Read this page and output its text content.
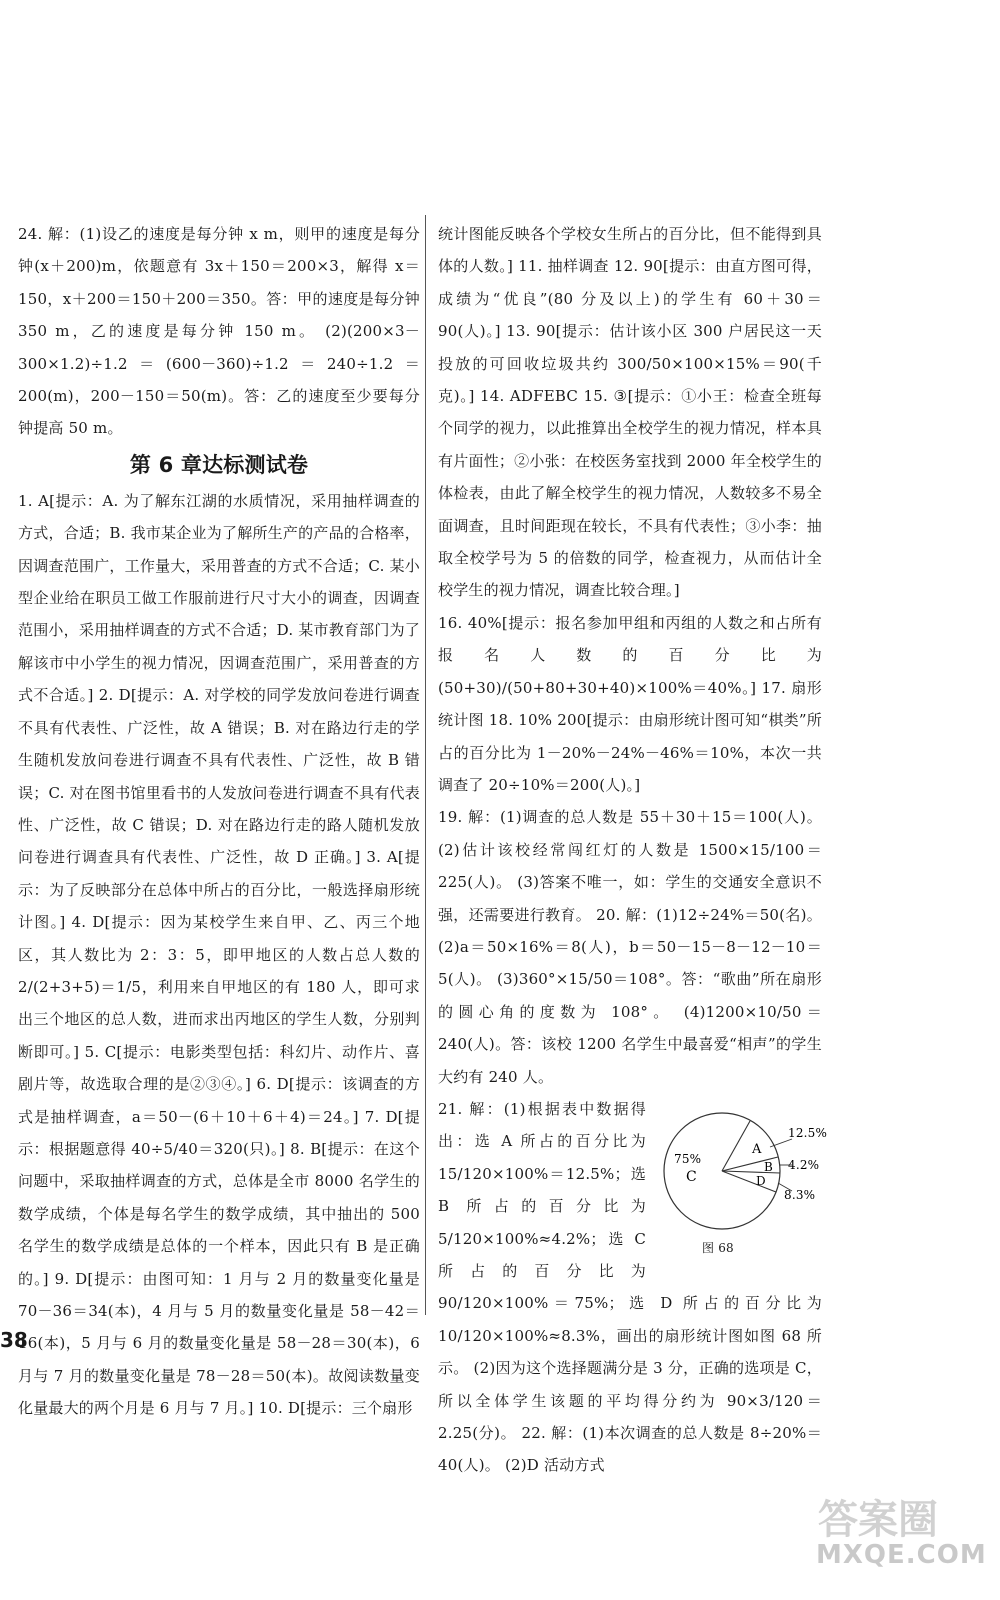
24. 解：(1)设乙的速度是每分钟 x m，则甲的速度是每分钟(x＋200)m，依题意有 3x＋150＝200×3，解得 x＝150，x＋200＝150＋200＝350。答：甲的速度是每分钟 350 m，乙的速度是每分钟 150 m。 (2)(200×3－300×1.2)÷1.2＝(600－360)÷1.2＝240÷1.2＝200(m)，200－150＝50(m)。答：乙的速度至少要每分钟提高 50 m。

第 6 章达标测试卷

1. A[提示：A. 为了解东江湖的水质情况，采用抽样调查的方式，合适；B. 我市某企业为了解所生产的产品的合格率，因调查范围广，工作量大，采用普查的方式不合适；C. 某小型企业给在职员工做工作服前进行尺寸大小的调查，因调查范围小，采用抽样调查的方式不合适；D. 某市教育部门为了解该市中小学生的视力情况，因调查范围广，采用普查的方式不合适。] 2. D[提示：A. 对学校的同学发放问卷进行调查不具有代表性、广泛性，故 A 错误；B. 对在路边行走的学生随机发放问卷进行调查不具有代表性、广泛性，故 B 错误；C. 对在图书馆里看书的人发放问卷进行调查不具有代表性、广泛性，故 C 错误；D. 对在路边行走的路人随机发放问卷进行调查具有代表性、广泛性，故 D 正确。] 3. A[提示：为了反映部分在总体中所占的百分比，一般选择扇形统计图。] 4. D[提示：因为某校学生来自甲、乙、丙三个地区，其人数比为 2：3：5，即甲地区的人数占总人数的 2/(2+3+5)＝1/5，利用来自甲地区的有 180 人，即可求出三个地区的总人数，进而求出丙地区的学生人数，分别判断即可。] 5. C[提示：电影类型包括：科幻片、动作片、喜剧片等，故选取合理的是②③④。] 6. D[提示：该调查的方式是抽样调查，a＝50－(6＋10＋6＋4)＝24。] 7. D[提示：根据题意得 40÷5/40＝320(只)。] 8. B[提示：在这个问题中，采取抽样调查的方式，总体是全市 8000 名学生的数学成绩，个体是每名学生的数学成绩，其中抽出的 500 名学生的数学成绩是总体的一个样本，因此只有 B 是正确的。] 9. D[提示：由图可知：1 月与 2 月的数量变化量是 70－36＝34(本)，4 月与 5 月的数量变化量是 58－42＝16(本)，5 月与 6 月的数量变化量是 58－28＝30(本)，6 月与 7 月的数量变化量是 78－28＝50(本)。故阅读数量变化量最大的两个月是 6 月与 7 月。] 10. D[提示：三个扇形

统计图能反映各个学校女生所占的百分比，但不能得到具体的人数。] 11. 抽样调查 12. 90[提示：由直方图可得，成绩为“优良”(80 分及以上)的学生有 60＋30＝90(人)。] 13. 90[提示：估计该小区 300 户居民这一天投放的可回收垃圾共约 300/50×100×15%＝90(千克)。] 14. ADFEBC 15. ③[提示：①小王：检查全班每个同学的视力，以此推算出全校学生的视力情况，样本具有片面性；②小张：在校医务室找到 2000 年全校学生的体检表，由此了解全校学生的视力情况，人数较多不易全面调查，且时间距现在较长，不具有代表性；③小李：抽取全校学号为 5 的倍数的同学，检查视力，从而估计全校学生的视力情况，调查比较合理。]

16. 40%[提示：报名参加甲组和丙组的人数之和占所有报名人数的百分比为 (50+30)/(50+80+30+40)×100%＝40%。] 17. 扇形统计图 18. 10% 200[提示：由扇形统计图可知“棋类”所占的百分比为 1－20%－24%－46%＝10%，本次一共调查了 20÷10%＝200(人)。]

19. 解：(1)调查的总人数是 55＋30＋15＝100(人)。(2)估计该校经常闯红灯的人数是 1500×15/100＝225(人)。 (3)答案不唯一，如：学生的交通安全意识不强，还需要进行教育。 20. 解：(1)12÷24%＝50(名)。(2)a＝50×16%＝8(人)，b＝50－15－8－12－10＝5(人)。 (3)360°×15/50＝108°。答：“歌曲”所在扇形的圆心角的度数为 108°。 (4)1200×10/50＝240(人)。答：该校 1200 名学生中最喜爱“相声”的学生大约有 240 人。

A
B
D
C
75%
12.5%
4.2%
8.3%
图 68

21. 解：(1)根据表中数据得出：选 A 所占的百分比为 15/120×100%＝12.5%；选 B 所占的百分比为 5/120×100%≈4.2%；选 C 所占的百分比为 90/120×100%＝75%；选 D 所占的百分比为 10/120×100%≈8.3%，画出的扇形统计图如图 68 所示。 (2)因为这个选择题满分是 3 分，正确的选项是 C，所以全体学生该题的平均得分约为 90×3/120＝2.25(分)。 22. 解：(1)本次调查的总人数是 8÷20%＝40(人)。 (2)D 活动方式

38
答案圈
MXQE.COM
